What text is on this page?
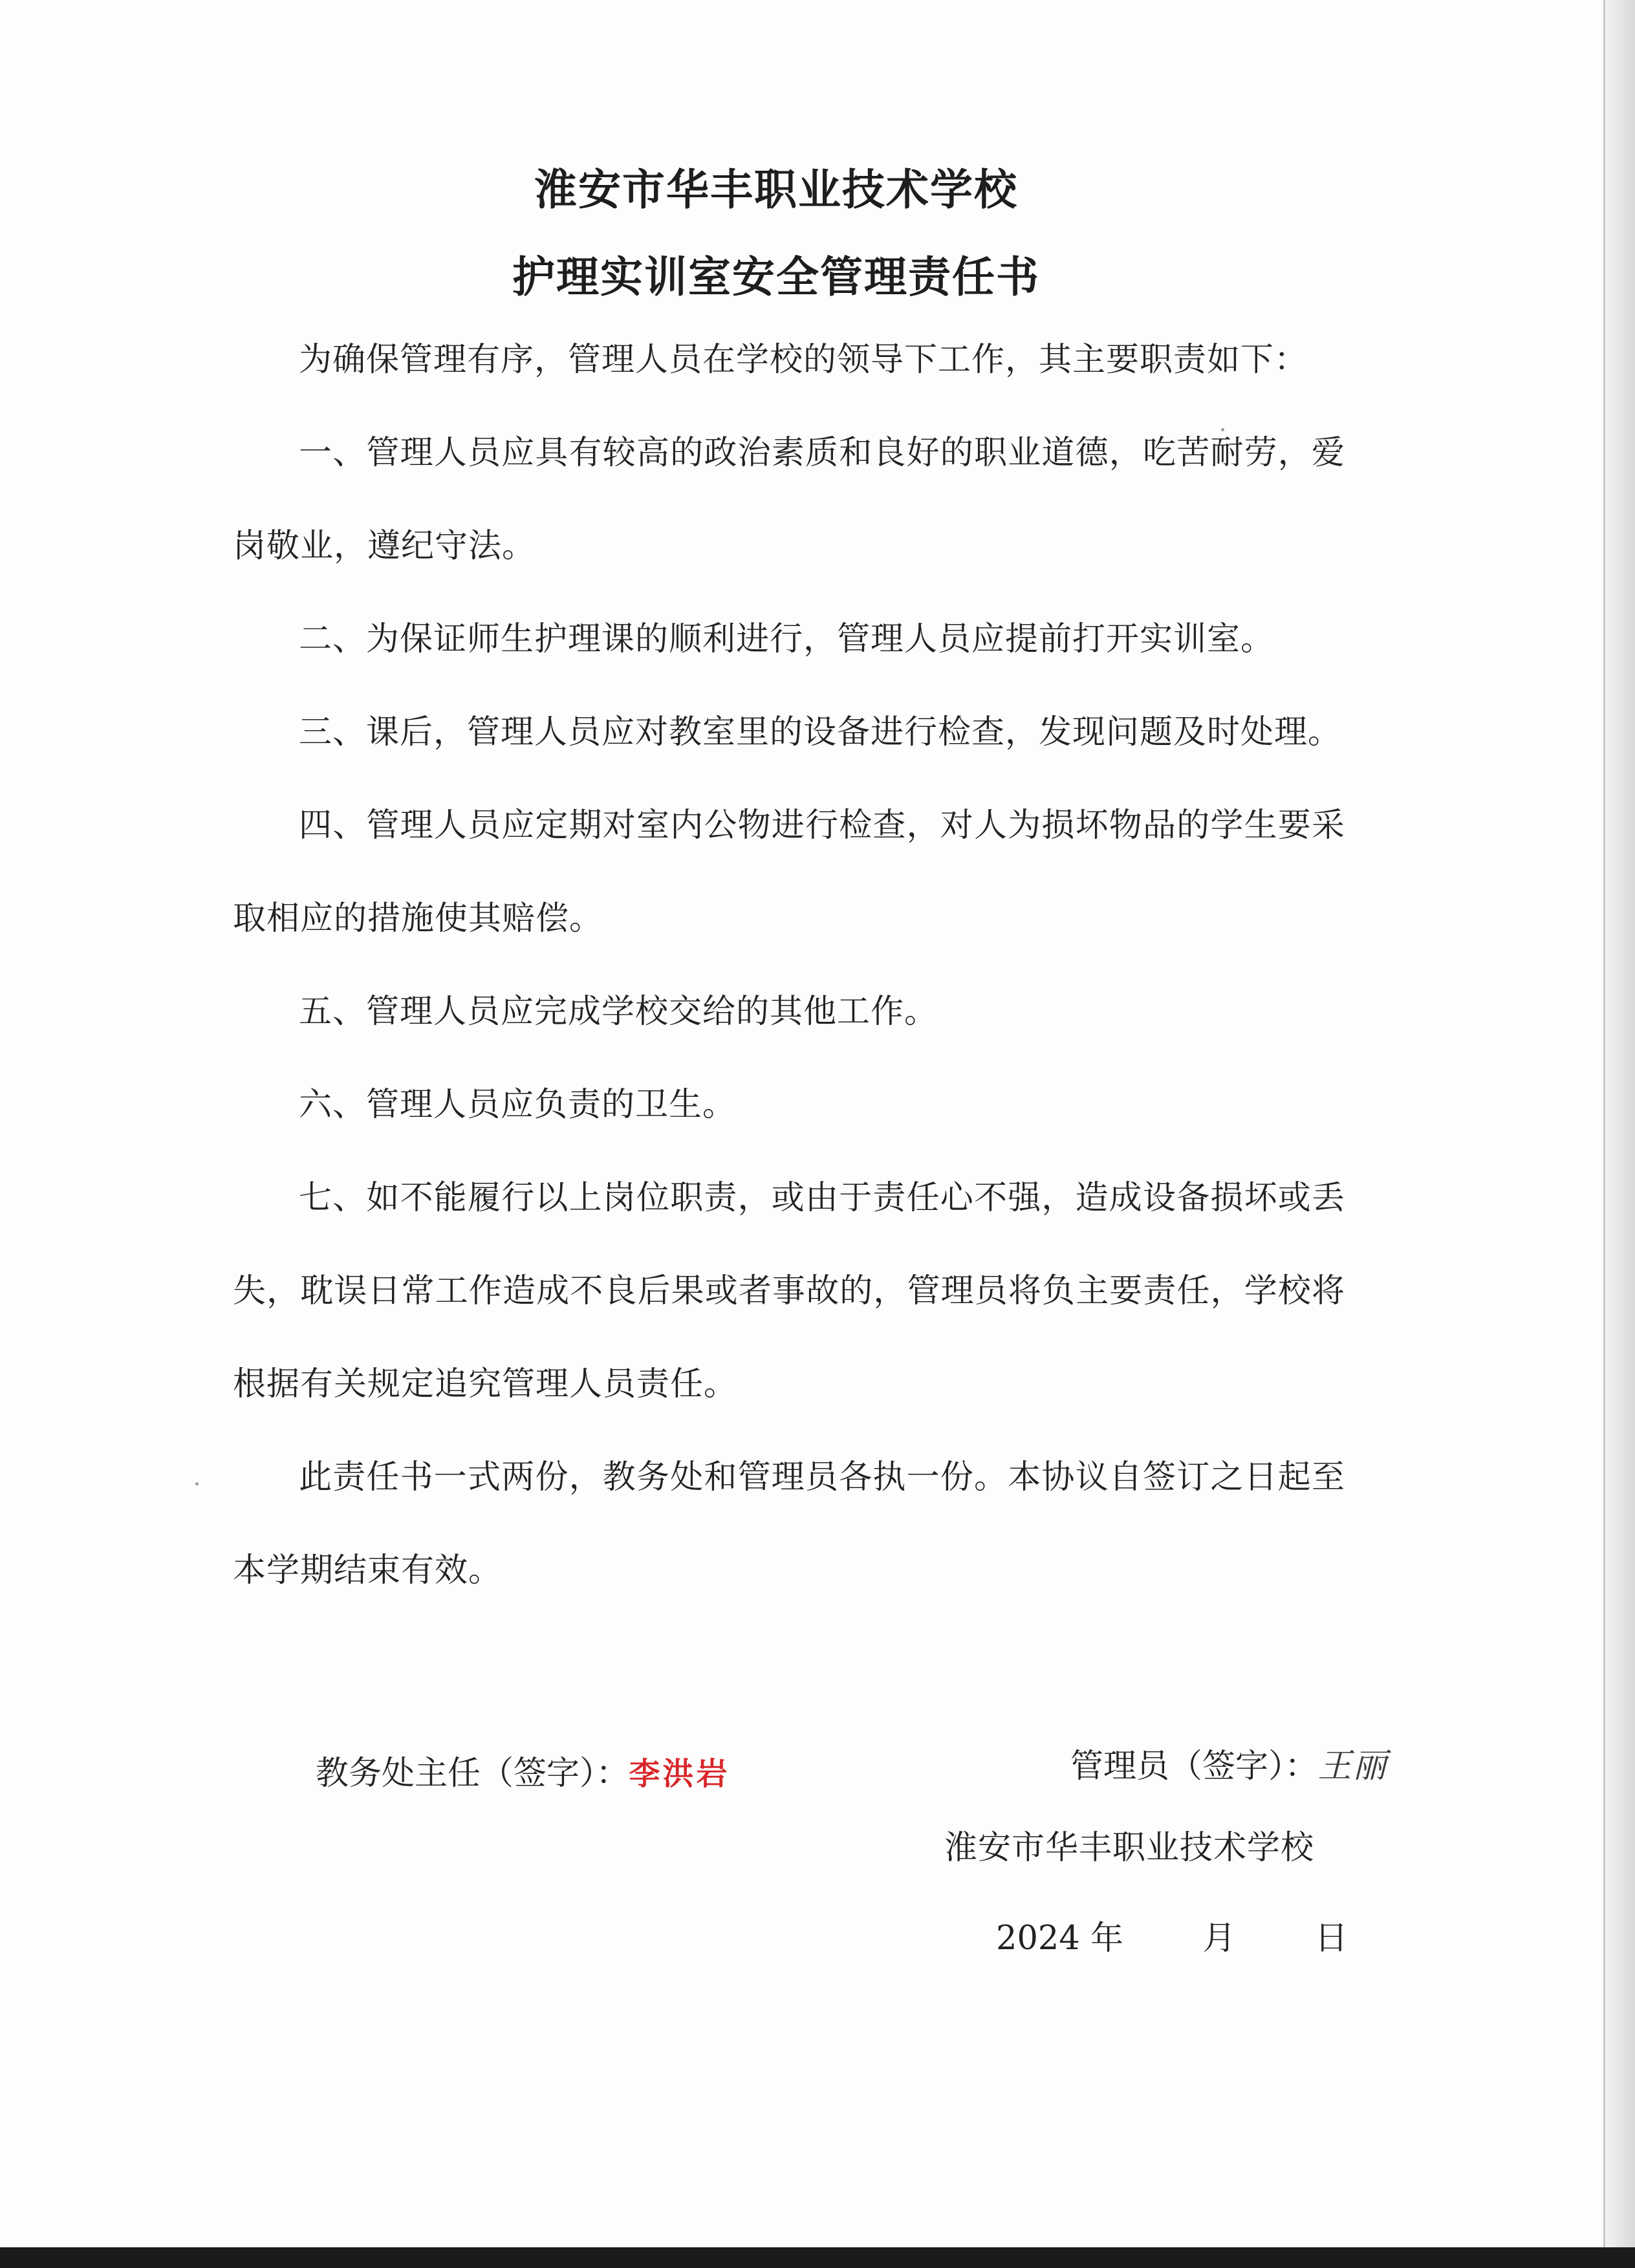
淮安市华丰职业技术学校
护理实训室安全管理责任书

为确保管理有序，管理人员在学校的领导下工作，其主要职责如下：

一、管理人员应具有较高的政治素质和良好的职业道德，吃苦耐劳，爱岗敬业，遵纪守法。

二、为保证师生护理课的顺利进行，管理人员应提前打开实训室。

三、课后，管理人员应对教室里的设备进行检查，发现问题及时处理。

四、管理人员应定期对室内公物进行检查，对人为损坏物品的学生要采取相应的措施使其赔偿。

五、管理人员应完成学校交给的其他工作。

六、管理人员应负责的卫生。

七、如不能履行以上岗位职责，或由于责任心不强，造成设备损坏或丢失，耽误日常工作造成不良后果或者事故的，管理员将负主要责任，学校将根据有关规定追究管理人员责任。

此责任书一式两份，教务处和管理员各执一份。本协议自签订之日起至本学期结束有效。

教务处主任（签字）：李洪岩	管理员（签字）：王丽
淮安市华丰职业技术学校
2024 年 月 日
